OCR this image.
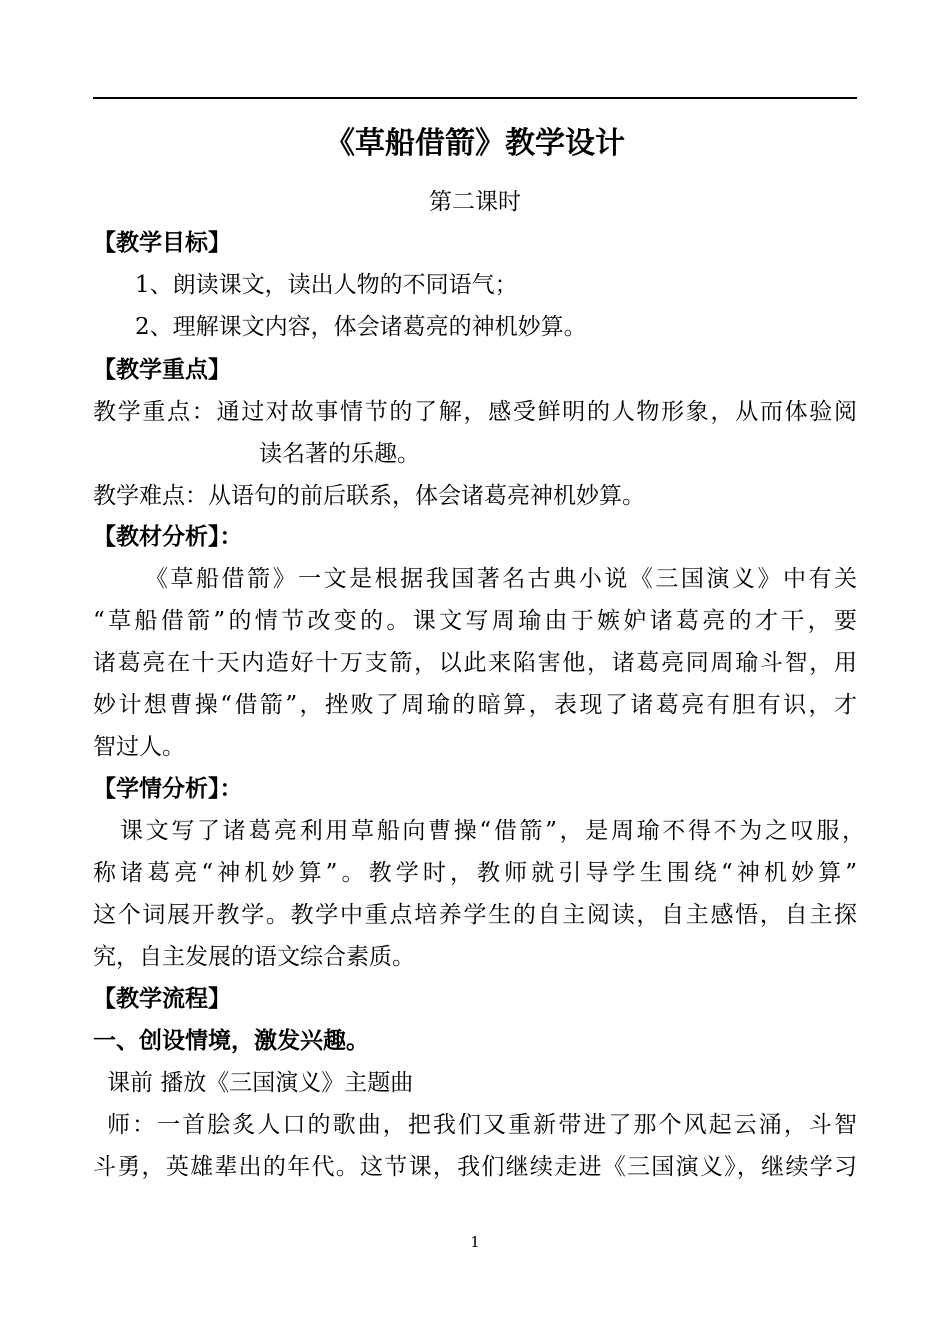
《草船借箭》教学设计
第二课时
【教学目标】
1、朗读课文，读出人物的不同语气；
2、理解课文内容，体会诸葛亮的神机妙算。
【教学重点】
教学重点：通过对故事情节的了解，感受鲜明的人物形象，从而体验阅
读名著的乐趣。
教学难点：从语句的前后联系，体会诸葛亮神机妙算。
【教材分析】：
《草船借箭》一文是根据我国著名古典小说《三国演义》中有关
“草船借箭”的情节改变的。课文写周瑜由于嫉妒诸葛亮的才干，要
诸葛亮在十天内造好十万支箭，以此来陷害他，诸葛亮同周瑜斗智，用
妙计想曹操“借箭”，挫败了周瑜的暗算，表现了诸葛亮有胆有识，才
智过人。
【学情分析】：
课文写了诸葛亮利用草船向曹操“借箭”，是周瑜不得不为之叹服，
称诸葛亮“神机妙算”。教学时，教师就引导学生围绕“神机妙算”
这个词展开教学。教学中重点培养学生的自主阅读，自主感悟，自主探
究，自主发展的语文综合素质。
【教学流程】
一、创设情境，激发兴趣。
课前 播放《三国演义》主题曲
师：一首脍炙人口的歌曲，把我们又重新带进了那个风起云涌，斗智
斗勇，英雄辈出的年代。这节课，我们继续走进《三国演义》，继续学习
1
